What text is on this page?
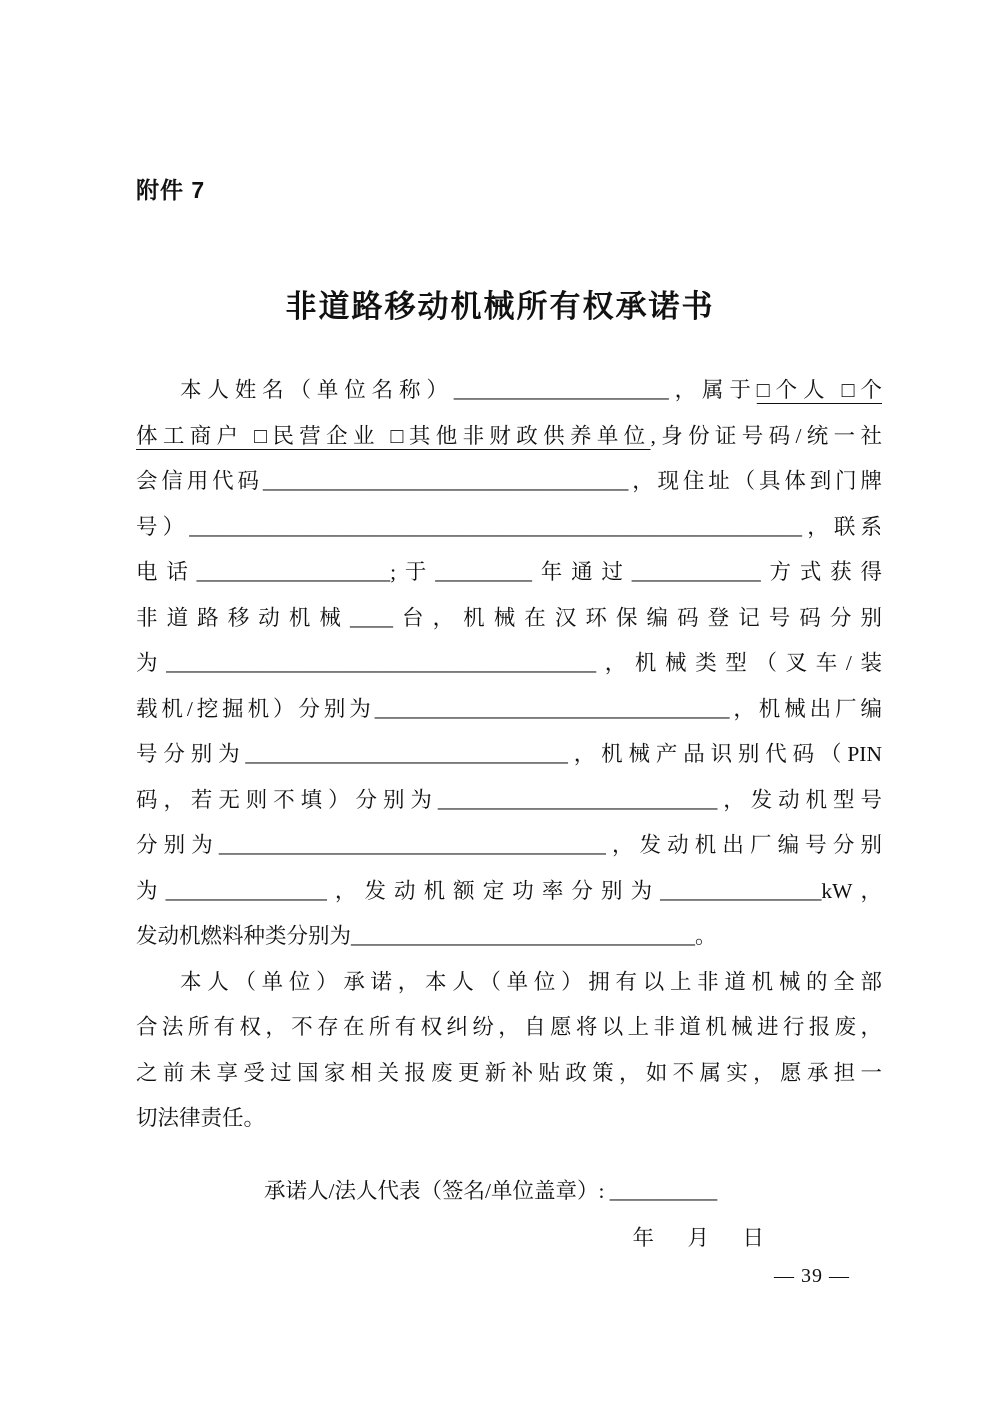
附件 7
非道路移动机械所有权承诺书
本人姓名（单位名称）____________________，属于□个人 □个
体工商户 □民营企业 □其他非财政供养单位,身份证号码/统一社
会信用代码__________________________________，现住址（具体到门牌
号）_________________________________________________________，联系
电话__________________;于_________年通过____________方式获得
非道路移动机械____台，机械在汉环保编码登记号码分别
为________________________________________，机械类型（叉车/装
载机/挖掘机）分别为_________________________________，机械出厂编
号分别为______________________________，机械产品识别代码（PIN
码，若无则不填）分别为__________________________，发动机型号
分别为____________________________________，发动机出厂编号分别
为_______________，发动机额定功率分别为_______________kW，
发动机燃料种类分别为________________________________。
本人（单位）承诺，本人（单位）拥有以上非道机械的全部
合法所有权，不存在所有权纠纷，自愿将以上非道机械进行报废，
之前未享受过国家相关报废更新补贴政策，如不属实，愿承担一
切法律责任。
承诺人/法人代表（签名/单位盖章）: __________
年　月　日
— 39 —
